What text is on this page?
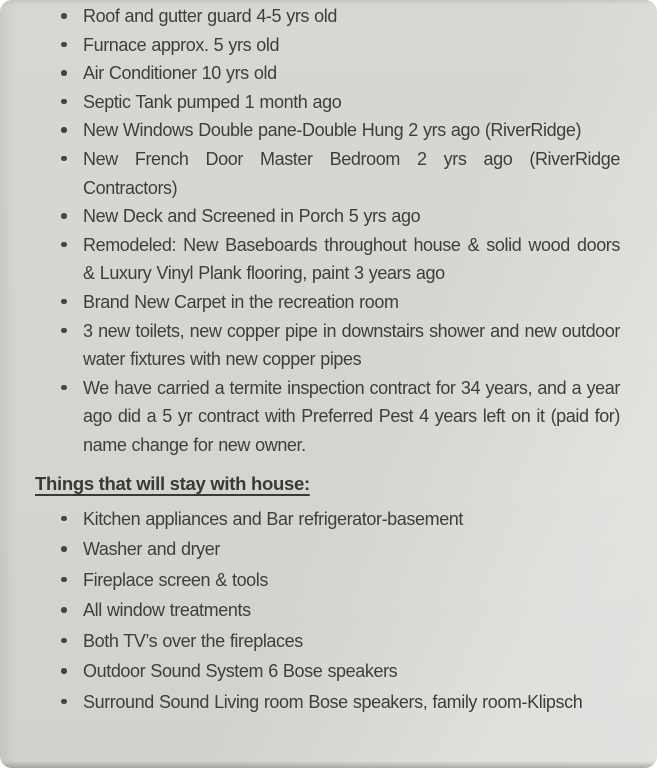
Roof and gutter guard 4-5 yrs old
Furnace approx. 5 yrs old
Air Conditioner 10 yrs old
Septic Tank pumped 1 month ago
New Windows Double pane-Double Hung 2 yrs ago (RiverRidge)
New French Door Master Bedroom 2 yrs ago (RiverRidge Contractors)
New Deck and Screened in Porch 5 yrs ago
Remodeled: New Baseboards throughout house & solid wood doors & Luxury Vinyl Plank flooring, paint 3 years ago
Brand New Carpet in the recreation room
3 new toilets, new copper pipe in downstairs shower and new outdoor water fixtures with new copper pipes
We have carried a termite inspection contract for 34 years, and a year ago did a 5 yr contract with Preferred Pest 4 years left on it (paid for) name change for new owner.
Things that will stay with house:
Kitchen appliances and Bar refrigerator-basement
Washer and dryer
Fireplace screen & tools
All window treatments
Both TV’s over the fireplaces
Outdoor Sound System 6 Bose speakers
Surround Sound Living room Bose speakers, family room-Klipsch
